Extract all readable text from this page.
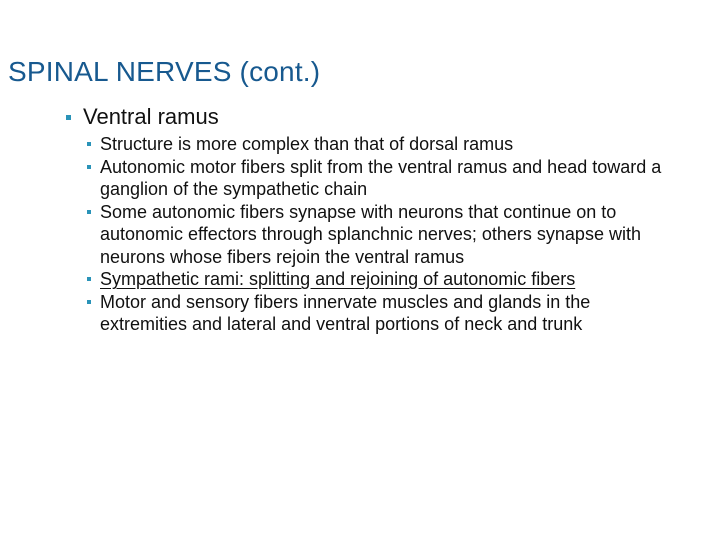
SPINAL NERVES (cont.)
Ventral ramus
Structure is more complex than that of dorsal ramus
Autonomic motor fibers split from the ventral ramus and head toward a ganglion of the sympathetic chain
Some autonomic fibers synapse with neurons that continue on to autonomic effectors through splanchnic nerves; others synapse with neurons whose fibers rejoin the ventral ramus
Sympathetic rami: splitting and rejoining of autonomic fibers
Motor and sensory fibers innervate muscles and glands in the extremities and lateral and ventral portions of neck and trunk
